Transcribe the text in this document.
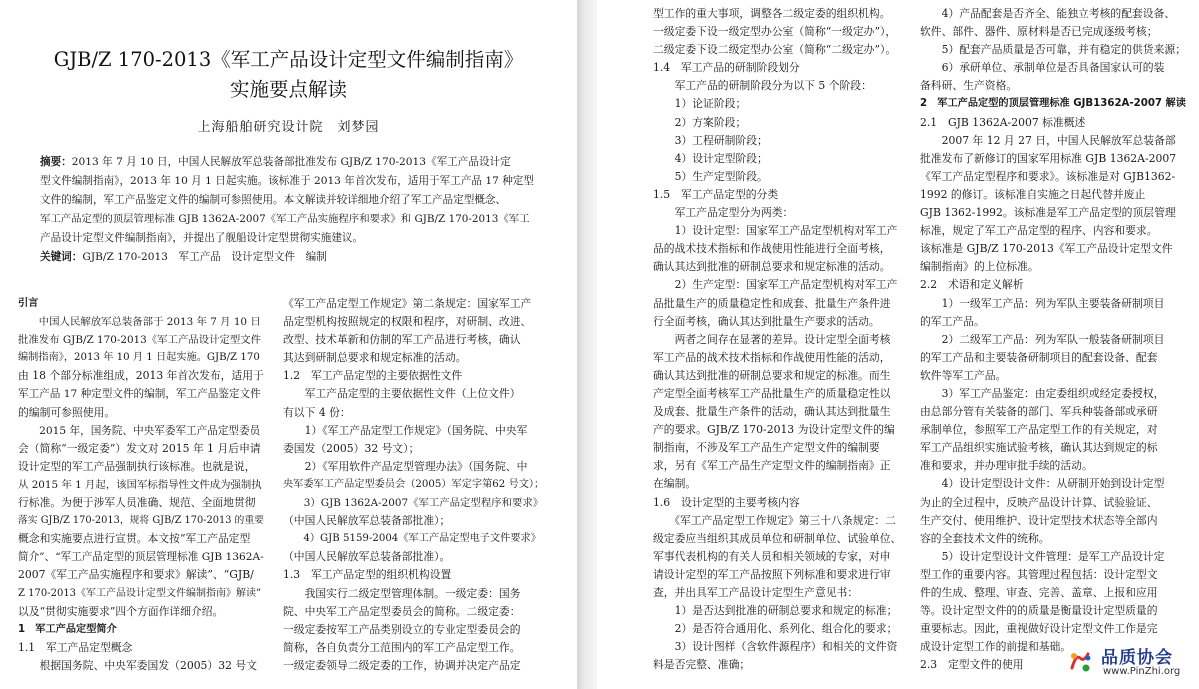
GJB/Z 170-2013《军工产品设计定型文件编制指南》
实施要点解读
上海船舶研究设计院　刘梦园
摘要：2013 年 7 月 10 日，中国人民解放军总装备部批准发布 GJB/Z 170-2013《军工产品设计定
型文件编制指南》，2013 年 10 月 1 日起实施。该标准于 2013 年首次发布，适用于军工产品 17 种定型
文件的编制，军工产品鉴定文件的编制可参照使用。本文解读并较详细地介绍了军工产品定型概念、
军工产品定型的顶层管理标准 GJB 1362A-2007《军工产品实施程序和要求》和 GJB/Z 170-2013《军工
产品设计定型文件编制指南》，并提出了舰船设计定型贯彻实施建议。
关键词：GJB/Z 170-2013　军工产品　设计定型文件　编制
引言
　　中国人民解放军总装备部于 2013 年 7 月 10 日
批准发布 GJB/Z 170-2013《军工产品设计定型文件
编制指南》，2013 年 10 月 1 日起实施。GJB/Z 170
由 18 个部分标准组成，2013 年首次发布，适用于
军工产品 17 种定型文件的编制，军工产品鉴定文件
的编制可参照使用。
　　2015 年，国务院、中央军委军工产品定型委员
会（简称“一级定委”）发文对 2015 年 1 月后申请
设计定型的军工产品强制执行该标准。也就是说，
从 2015 年 1 月起，该国军标指导性文件成为强制执
行标准。为便于涉军人员准确、规范、全面地贯彻
落实 GJB/Z 170-2013，规将 GJB/Z 170-2013 的重要
概念和实施要点进行宣贯。本文按“军工产品定型
简介”、“军工产品定型的顶层管理标准 GJB 1362A-
2007《军工产品实施程序和要求》解读”、“GJB/
Z 170-2013《军工产品设计定型文件编制指南》解读”
以及“贯彻实施要求”四个方面作详细介绍。
1　军工产品定型简介
1.1　军工产品定型概念
　　根据国务院、中央军委国发（2005）32 号文
《军工产品定型工作规定》第二条规定：国家军工产
品定型机构按照规定的权限和程序，对研制、改进、
改型、技术革新和仿制的军工产品进行考核，确认
其达到研制总要求和规定标准的活动。
1.2　军工产品定型的主要依据性文件
　　军工产品定型的主要依据性文件（上位文件）
有以下 4 份：
　　1）《军工产品定型工作规定》（国务院、中央军
委国发（2005）32 号文）；
　　2）《军用软件产品定型管理办法》（国务院、中
央军委军工产品定型委员会（2005）军定字第62 号文）；
　　3）GJB 1362A-2007《军工产品定型程序和要求》
（中国人民解放军总装备部批准）；
　　4）GJB 5159-2004《军工产品定型电子文件要求》
（中国人民解放军总装备部批准）。
1.3　军工产品定型的组织机构设置
　　我国实行二级定型管理体制。一级定委：国务
院、中央军工产品定型委员会的简称。二级定委：
一级定委按军工产品类别设立的专业定型委员会的
简称，各自负责分工范围内的军工产品定型工作。
一级定委领导二级定委的工作，协调并决定产品定
型工作的重大事项，调整各二级定委的组织机构。
一级定委下设一级定型办公室（简称“一级定办”），
二级定委下设二级定型办公室（简称“二级定办”）。
1.4　军工产品的研制阶段划分
　　军工产品的研制阶段分为以下 5 个阶段：
　　1）论证阶段；
　　2）方案阶段；
　　3）工程研制阶段；
　　4）设计定型阶段；
　　5）生产定型阶段。
1.5　军工产品定型的分类
　　军工产品定型分为两类：
　　1）设计定型：国家军工产品定型机构对军工产
品的战术技术指标和作战使用性能进行全面考核，
确认其达到批准的研制总要求和规定标准的活动。
　　2）生产定型：国家军工产品定型机构对军工产
品批量生产的质量稳定性和成套、批量生产条件进
行全面考核，确认其达到批量生产要求的活动。
　　两者之间存在显著的差异。设计定型全面考核
军工产品的战术技术指标和作战使用性能的活动，
确认其达到批准的研制总要求和规定的标准。而生
产定型全面考核军工产品批量生产的质量稳定性以
及成套、批量生产条件的活动，确认其达到批量生
产的要求。GJB/Z 170-2013 为设计定型文件的编
制指南，不涉及军工产品生产定型文件的编制要
求，另有《军工产品生产定型文件的编制指南》正
在编制。
1.6　设计定型的主要考核内容
　　《军工产品定型工作规定》第三十八条规定：二
级定委应当组织其成员单位和研制单位、试验单位、
军事代表机构的有关人员和相关领域的专家，对申
请设计定型的军工产品按照下列标准和要求进行审
查，并出具军工产品设计定型生产意见书：
　　1）是否达到批准的研制总要求和规定的标准；
　　2）是否符合通用化、系列化、组合化的要求；
　　3）设计图样（含软件源程序）和相关的文件资
料是否完整、准确；
　　4）产品配套是否齐全、能独立考核的配套设备、
软件、部件、器件、原材料是否已完成逐级考核；
　　5）配套产品质量是否可靠，并有稳定的供货来源；
　　6）承研单位、承制单位是否具备国家认可的装
备科研、生产资格。
2　军工产品定型的顶层管理标准 GJB1362A-2007 解读
2.1　GJB 1362A-2007 标准概述
　　2007 年 12 月 27 日，中国人民解放军总装备部
批准发布了新修订的国家军用标准 GJB 1362A-2007
《军工产品定型程序和要求》。该标准是对 GJB1362-
1992 的修订。该标准自实施之日起代替并废止
GJB 1362-1992。该标准是军工产品定型的顶层管理
标准，规定了军工产品定型的程序、内容和要求。
该标准是 GJB/Z 170-2013《军工产品设计定型文件
编制指南》的上位标准。
2.2　术语和定义解析
　　1）一级军工产品：列为军队主要装备研制项目
的军工产品。
　　2）二级军工产品：列为军队一般装备研制项目
的军工产品和主要装备研制项目的配套设备、配套
软件等军工产品。
　　3）军工产品鉴定：由定委组织或经定委授权，
由总部分管有关装备的部门、军兵种装备部或承研
承制单位，参照军工产品定型工作的有关规定，对
军工产品组织实施试验考核，确认其达到规定的标
准和要求，并办理审批手续的活动。
　　4）设计定型设计文件：从研制开始到设计定型
为止的全过程中，反映产品设计计算、试验验证、
生产交付、使用维护、设计定型技术状态等全部内
容的全套技术文件的统称。
　　5）设计定型设计文件管理：是军工产品设计定
型工作的重要内容。其管理过程包括：设计定型文
件的生成、整理、审查、完善、盖章、上报和应用
等。设计定型文件的的质量是衡量设计定型质量的
重要标志。因此，重视做好设计定型文件工作是完
成设计定型工作的前提和基础。
2.3　定型文件的使用	品质协会
www.PinZhi.org
